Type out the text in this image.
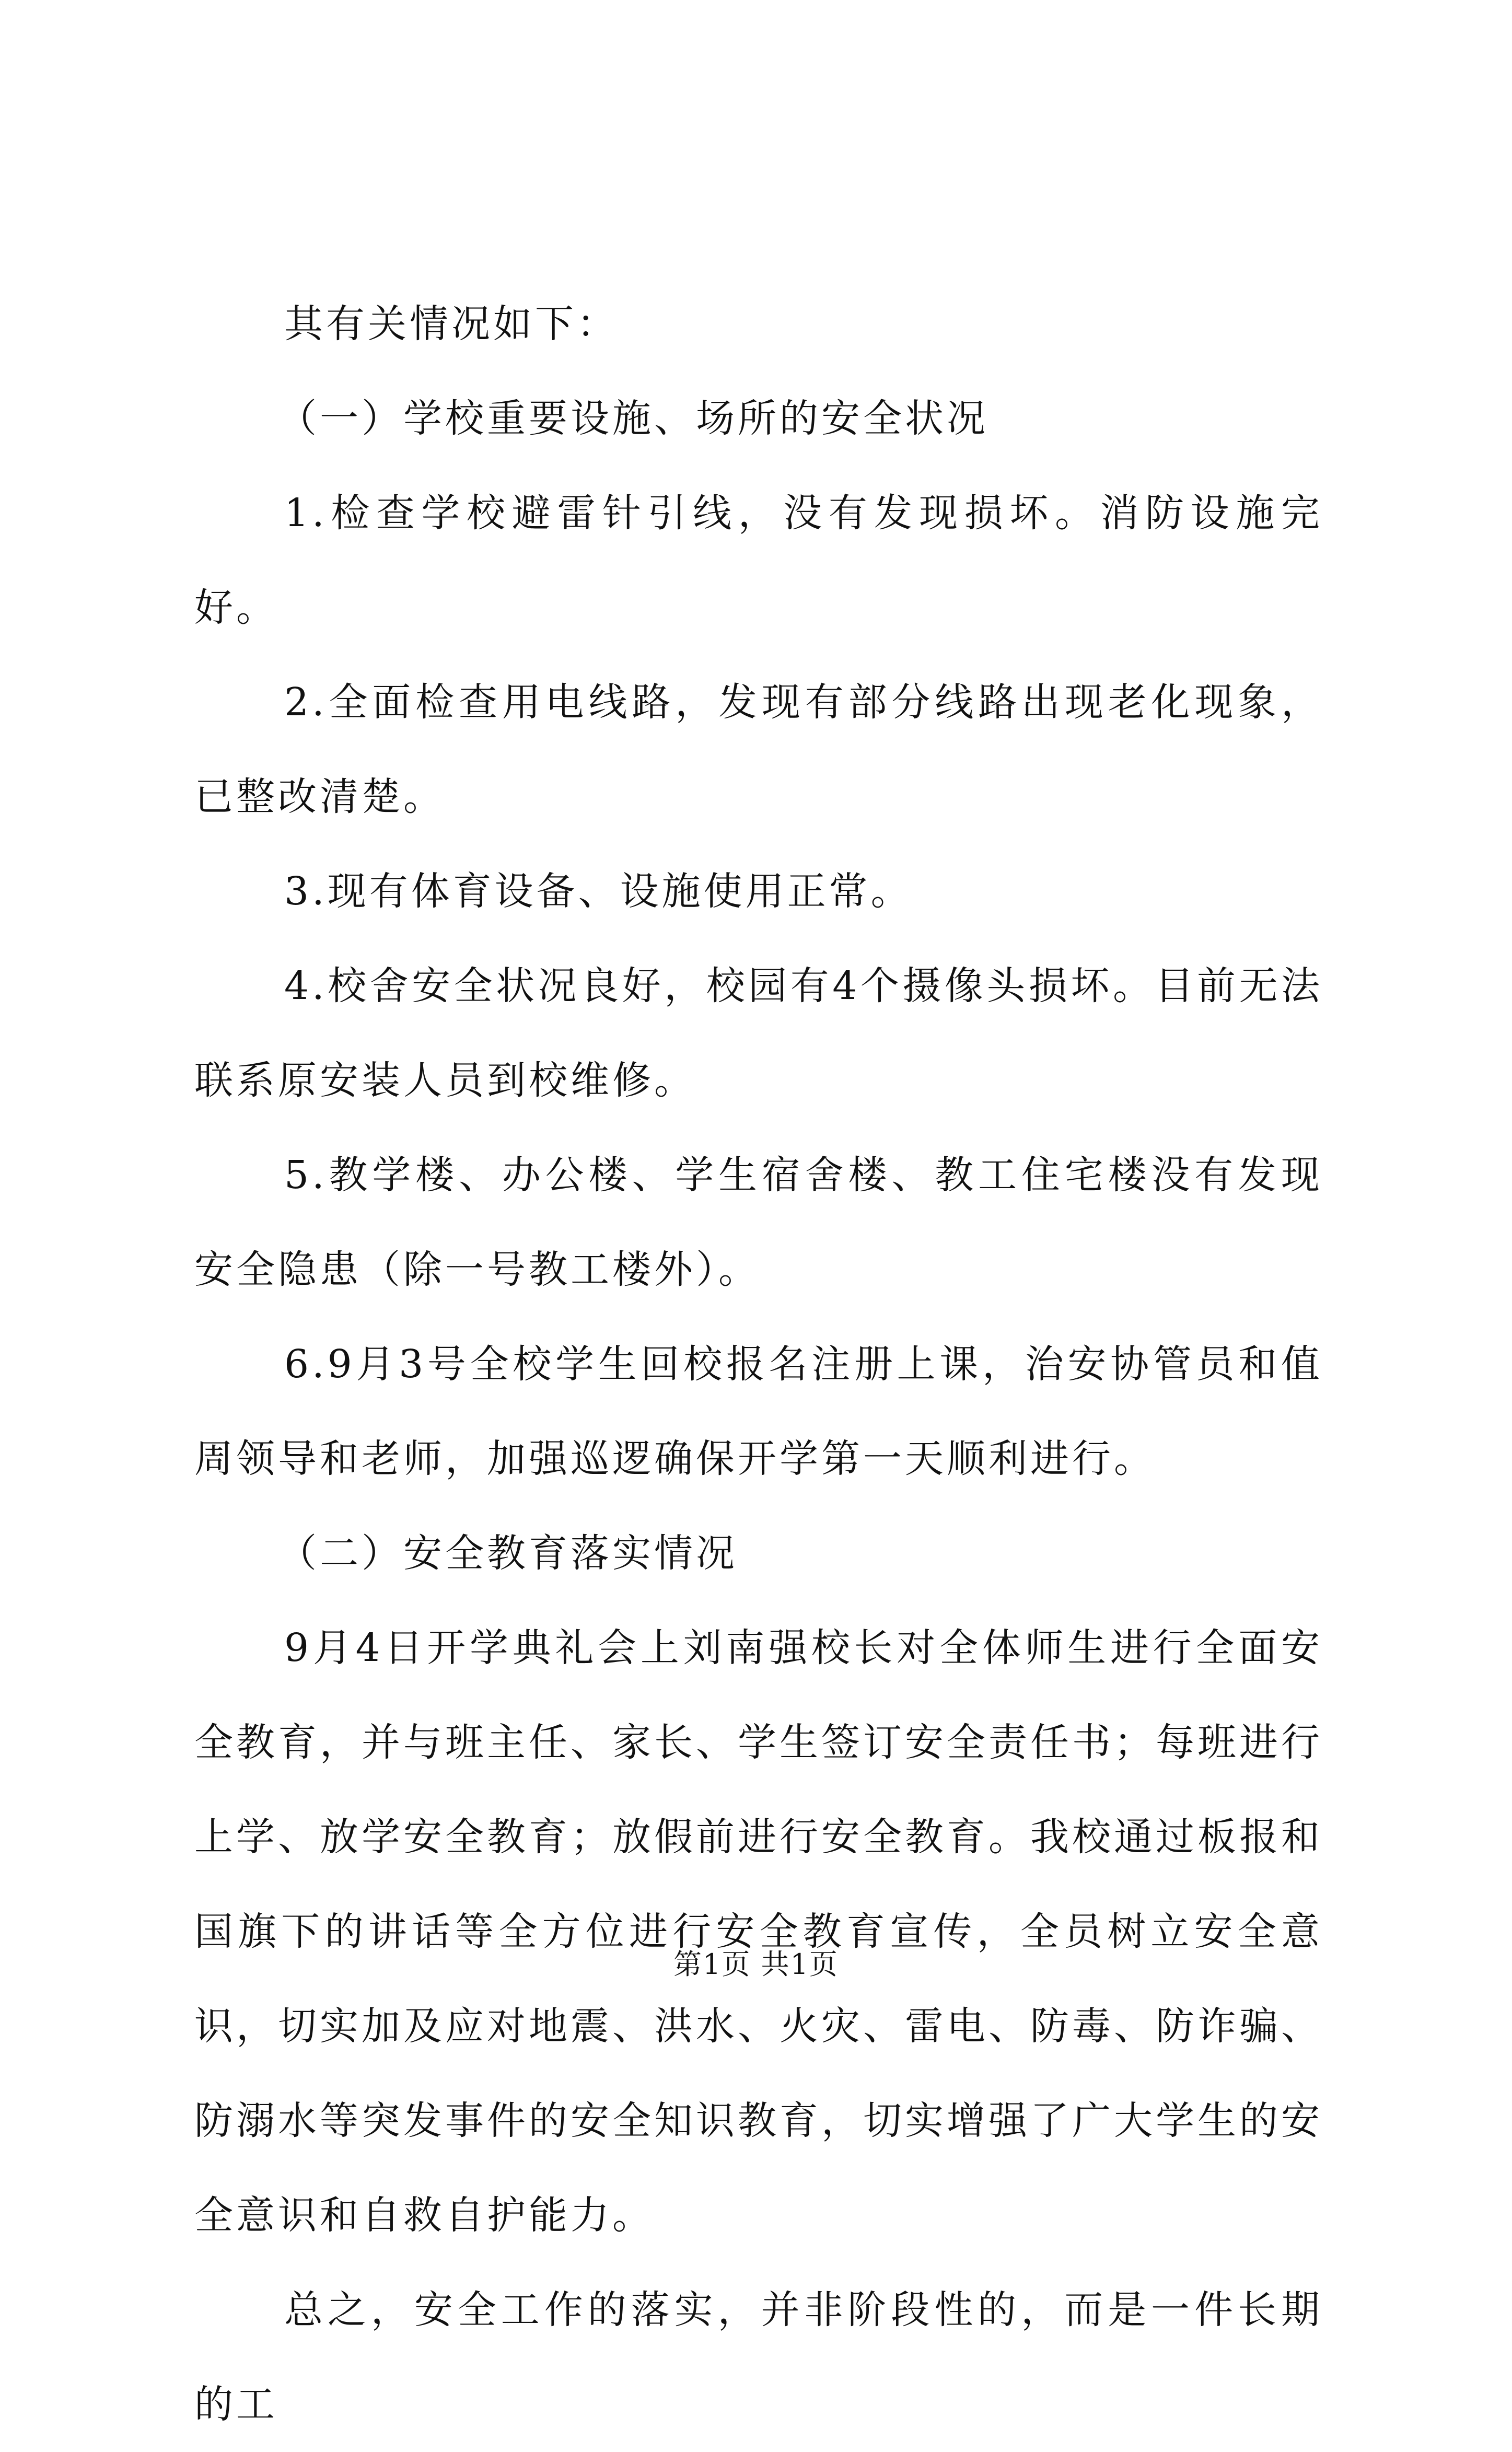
其有关情况如下：

（一）学校重要设施、场所的安全状况

1.检查学校避雷针引线，没有发现损坏。消防设施完好。

2.全面检查用电线路，发现有部分线路出现老化现象，已整改清楚。

3.现有体育设备、设施使用正常。

4.校舍安全状况良好，校园有4个摄像头损坏。目前无法联系原安装人员到校维修。

5.教学楼、办公楼、学生宿舍楼、教工住宅楼没有发现安全隐患（除一号教工楼外）。

6.9月3号全校学生回校报名注册上课，治安协管员和值周领导和老师，加强巡逻确保开学第一天顺利进行。

（二）安全教育落实情况

9月4日开学典礼会上刘南强校长对全体师生进行全面安全教育，并与班主任、家长、学生签订安全责任书；每班进行上学、放学安全教育；放假前进行安全教育。我校通过板报和国旗下的讲话等全方位进行安全教育宣传，全员树立安全意识，切实加及应对地震、洪水、火灾、雷电、防毒、防诈骗、防溺水等突发事件的安全知识教育，切实增强了广大学生的安全意识和自救自护能力。

总之，安全工作的落实，并非阶段性的，而是一件长期的工

第1页 共1页
